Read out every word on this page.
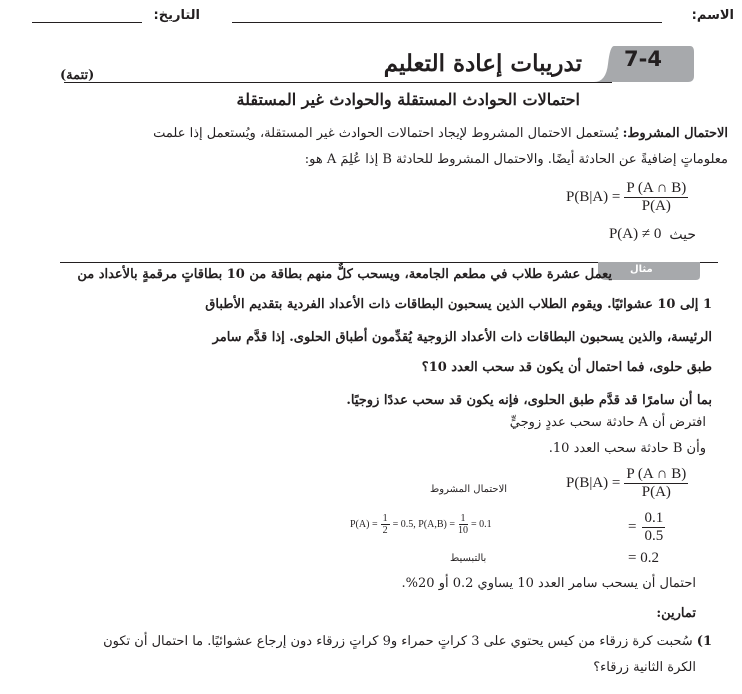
الاسم:
التاريخ:
7-4
تدريبات إعادة التعليم
(تتمة)
احتمالات الحوادث المستقلة والحوادث غير المستقلة
الاحتمال المشروط: يُستعمل الاحتمال المشروط لإيجاد احتمالات الحوادث غير المستقلة، ويُستعمل إذا علمت
معلوماتٍ إضافيةً عن الحادثة أيضًا. والاحتمال المشروط للحادثة B إذا عُلِمَ A هو:
$P(B|A) = \frac{P (A \cap B)}{P(A)}$
حيث
P(A) ≠ 0
مثال
يعمل عشرة طلاب في مطعم الجامعة، ويسحب كلٌّ منهم بطاقة من 10 بطاقاتٍ مرقمةٍ بالأعداد من
1 إلى 10 عشوائيًا. ويقوم الطلاب الذين يسحبون البطاقات ذات الأعداد الفردية بتقديم الأطباق
الرئيسة، والذين يسحبون البطاقات ذات الأعداد الزوجية يُقدِّمون أطباق الحلوى. إذا قدَّم سامر
طبق حلوى، فما احتمال أن يكون قد سحب العدد 10؟
بما أن سامرًا قد قدَّم طبق الحلوى، فإنه يكون قد سحب عددًا زوجيًا.
افترض أن A حادثة سحب عددٍ زوجيٍّ
وأن B حادثة سحب العدد 10.
الاحتمال المشروط	$P(B|A) = \frac{P (A \cap B)}{P(A)}$
$P(A) = \frac{1}{2} = 0.5$, $P(A,B) = \frac{1}{10} = 0.1$	= $\frac{0.1}{0.5}$
بالتبسيط	= 0.2
احتمال أن يسحب سامر العدد 10 يساوي 0.2 أو 20%.
تمارين:
1) سُحبت كرة زرقاء من كيس يحتوي على 3 كراتٍ حمراء و9 كراتٍ زرقاء دون إرجاع عشوائيًا. ما احتمال أن تكون
الكرة الثانية زرقاء؟
